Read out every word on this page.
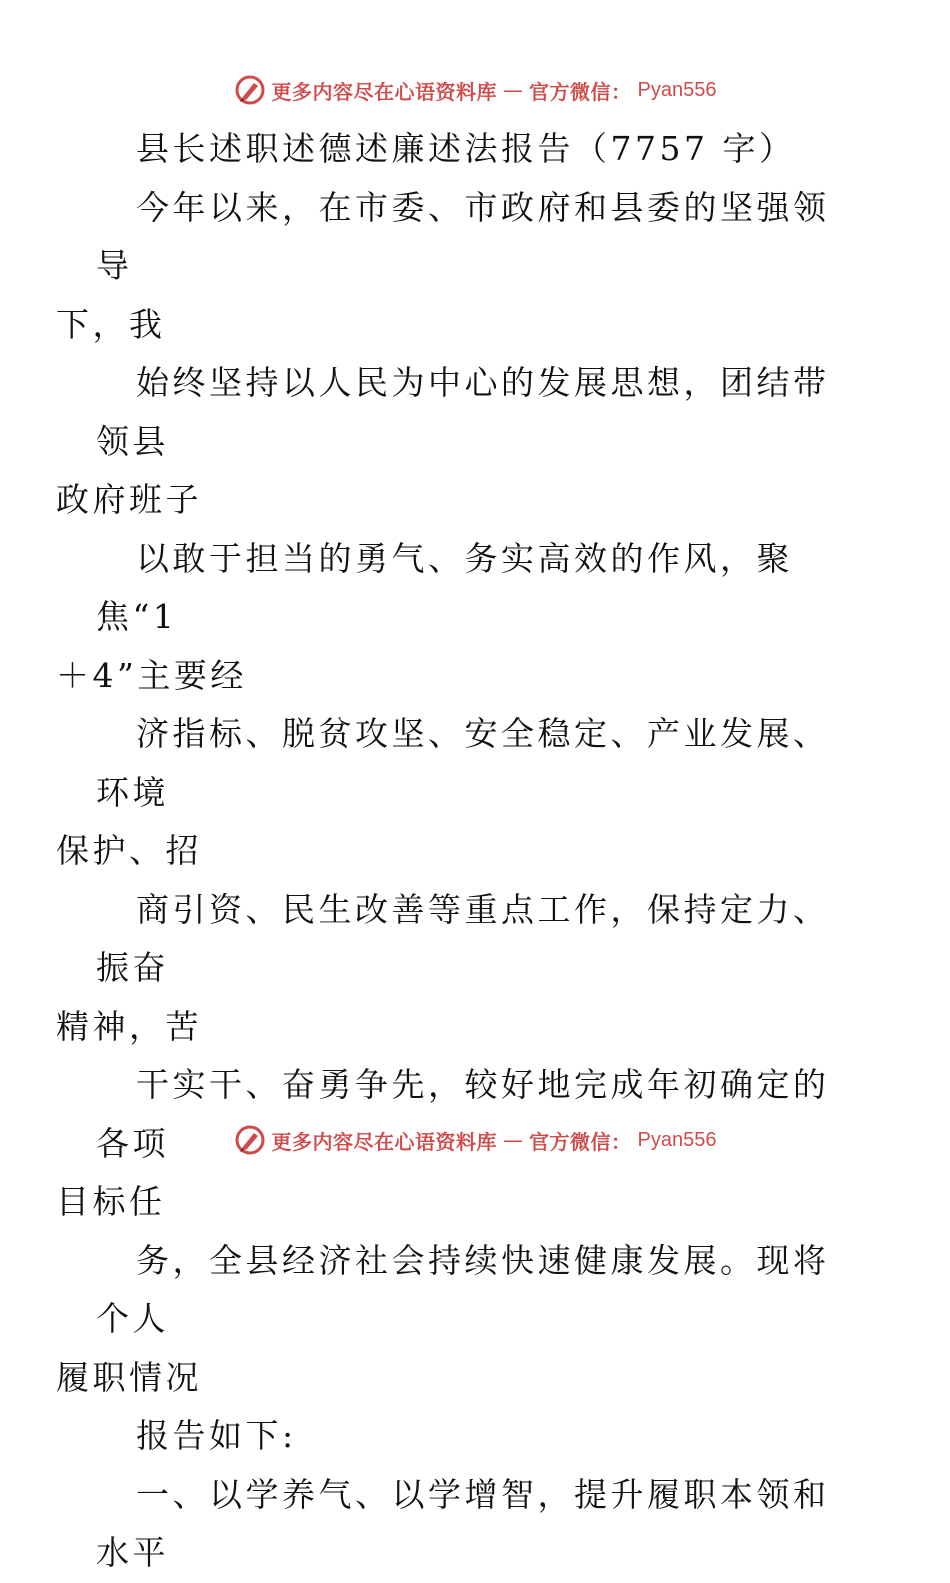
更多内容尽在心语资料库 — 官方微信： Pyan556

县长述职述德述廉述法报告（7757 字）

今年以来，在市委、市政府和县委的坚强领导
下，我

始终坚持以人民为中心的发展思想，团结带领县
政府班子

以敢于担当的勇气、务实高效的作风，聚焦“1
＋4”主要经

济指标、脱贫攻坚、安全稳定、产业发展、环境
保护、招

商引资、民生改善等重点工作，保持定力、振奋
精神，苦

干实干、奋勇争先，较好地完成年初确定的各项
目标任

务，全县经济社会持续快速健康发展。现将个人
履职情况

报告如下:

一、以学养气、以学增智，提升履职本领和水平

更多内容尽在心语资料库 — 官方微信： Pyan556
